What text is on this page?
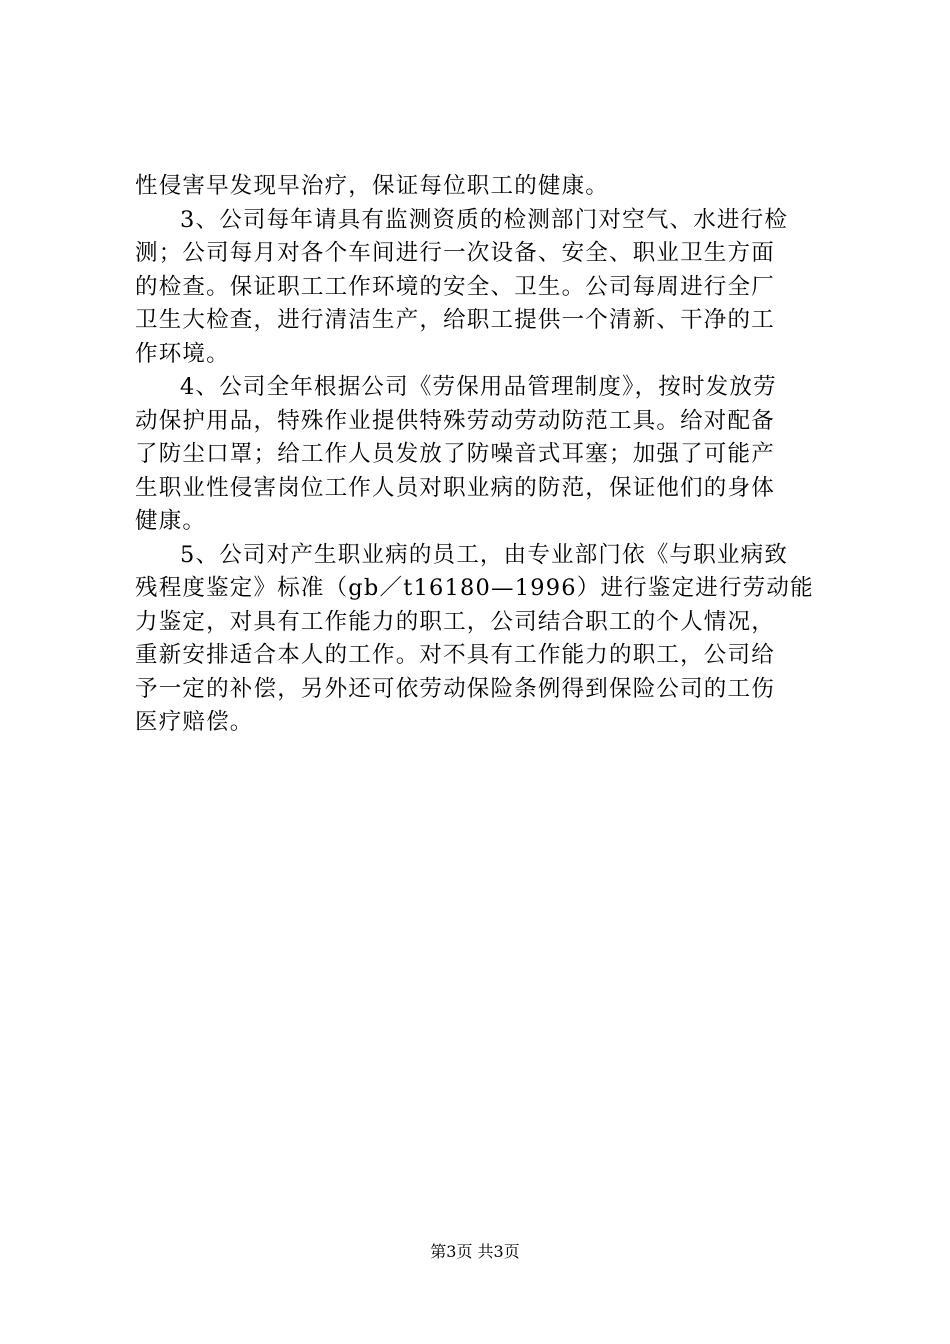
性侵害早发现早治疗，保证每位职工的健康。
3、公司每年请具有监测资质的检测部门对空气、水进行检
测；公司每月对各个车间进行一次设备、安全、职业卫生方面
的检查。保证职工工作环境的安全、卫生。公司每周进行全厂
卫生大检查，进行清洁生产，给职工提供一个清新、干净的工
作环境。
4、公司全年根据公司《劳保用品管理制度》，按时发放劳
动保护用品，特殊作业提供特殊劳动劳动防范工具。给对配备
了防尘口罩；给工作人员发放了防噪音式耳塞；加强了可能产
生职业性侵害岗位工作人员对职业病的防范，保证他们的身体
健康。
5、公司对产生职业病的员工，由专业部门依《与职业病致
残程度鉴定》标准（gb／t16180—1996）进行鉴定进行劳动能
力鉴定，对具有工作能力的职工，公司结合职工的个人情况，
重新安排适合本人的工作。对不具有工作能力的职工，公司给
予一定的补偿，另外还可依劳动保险条例得到保险公司的工伤
医疗赔偿。
第3页 共3页
